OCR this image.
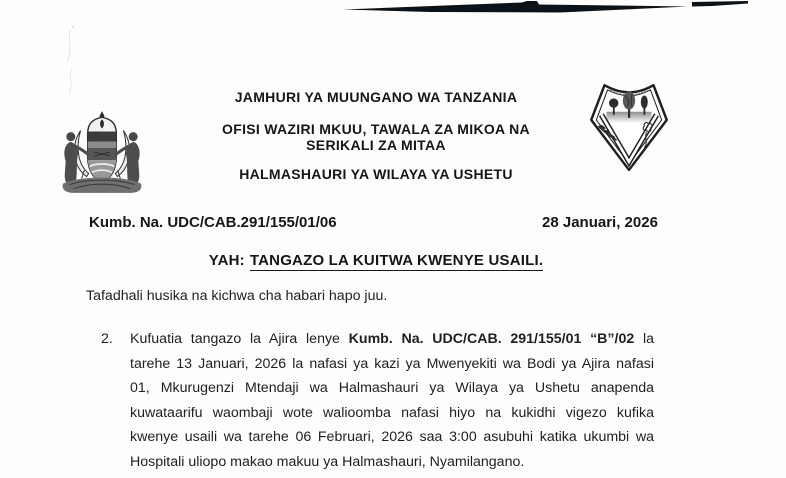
JAMHURI YA MUUNGANO WA TANZANIA
OFISI WAZIRI MKUU, TAWALA ZA MIKOA NA
SERIKALI ZA MITAA
HALMASHAURI YA WILAYA YA USHETU
Kumb. Na. UDC/CAB.291/155/01/06	28 Januari, 2026
YAH: TANGAZO LA KUITWA KWENYE USAILI.
Tafadhali husika na kichwa cha habari hapo juu.
2. Kufuatia tangazo la Ajira lenye Kumb. Na. UDC/CAB. 291/155/01 “B”/02 la
tarehe 13 Januari, 2026 la nafasi ya kazi ya Mwenyekiti wa Bodi ya Ajira nafasi
01, Mkurugenzi Mtendaji wa Halmashauri ya Wilaya ya Ushetu anapenda
kuwataarifu waombaji wote walioomba nafasi hiyo na kukidhi vigezo kufika
kwenye usaili wa tarehe 06 Februari, 2026 saa 3:00 asubuhi katika ukumbi wa
Hospitali uliopo makao makuu ya Halmashauri, Nyamilangano.
